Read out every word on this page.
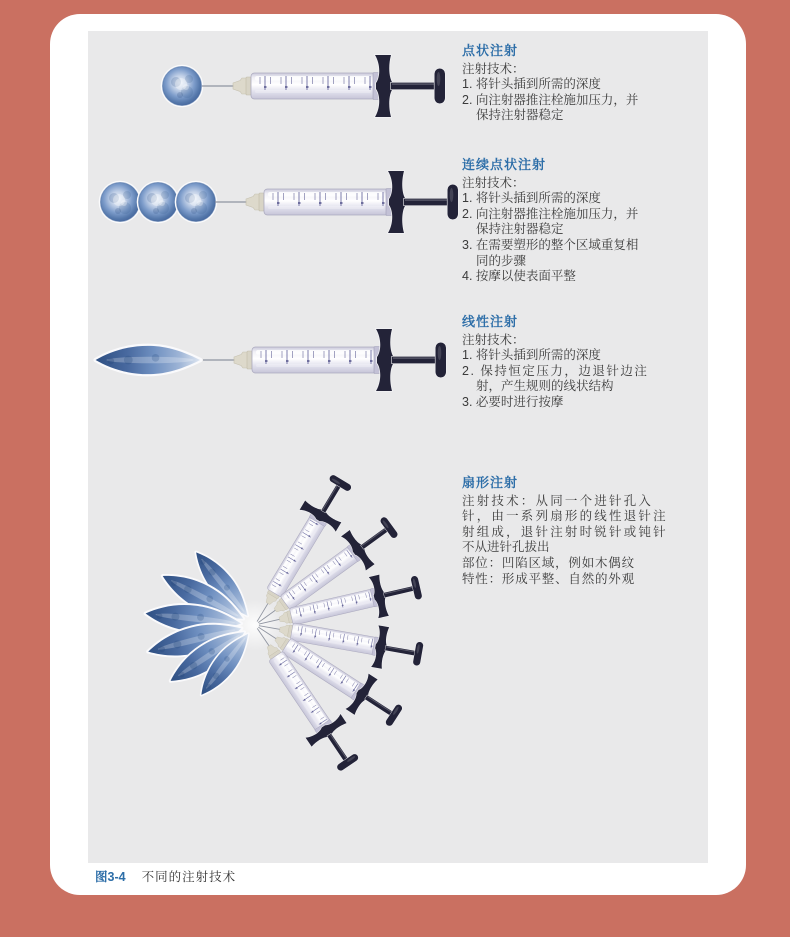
点状注射
注射技术：
1. 将针头插到所需的深度
2. 向注射器推注栓施加压力，并
保持注射器稳定
连续点状注射
注射技术：
1. 将针头插到所需的深度
2. 向注射器推注栓施加压力，并
保持注射器稳定
3. 在需要塑形的整个区域重复相
同的步骤
4. 按摩以使表面平整
线性注射
注射技术：
1. 将针头插到所需的深度
2. 保持恒定压力，边退针边注
射，产生规则的线状结构
3. 必要时进行按摩
扇形注射
注射技术：从同一个进针孔入
针，由一系列扇形的线性退针注
射组成，退针注射时锐针或钝针
不从进针孔拔出
部位：凹陷区域，例如木偶纹
特性：形成平整、自然的外观
图3-4 不同的注射技术
